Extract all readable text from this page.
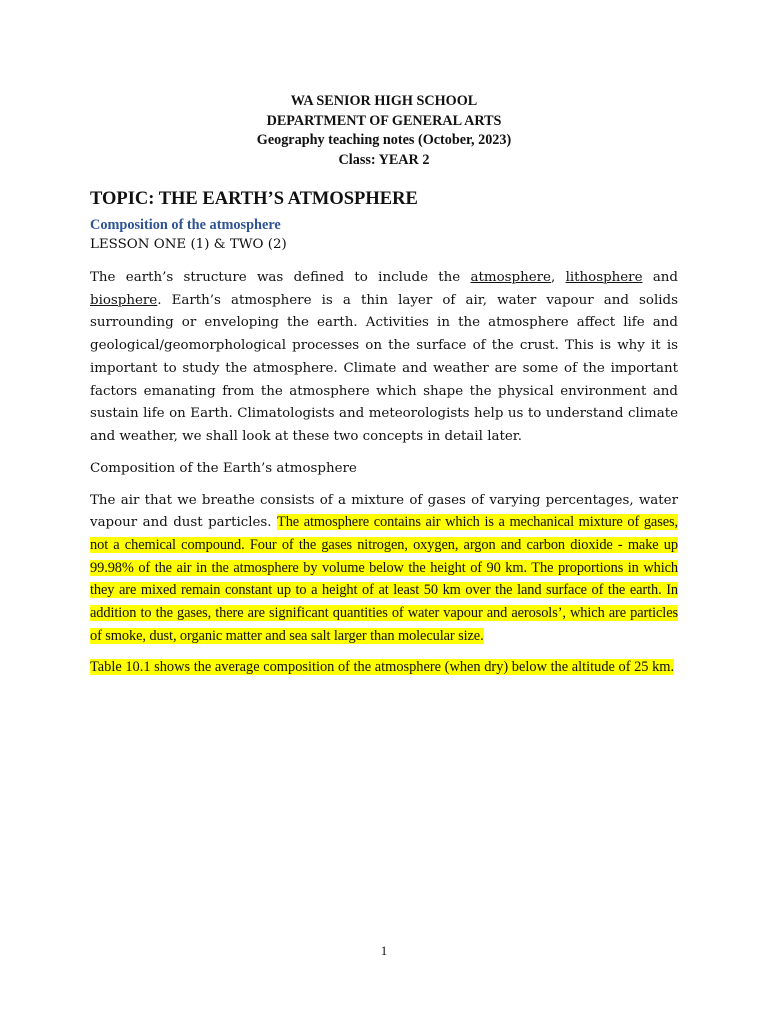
WA SENIOR HIGH SCHOOL
DEPARTMENT OF GENERAL ARTS
Geography teaching notes (October, 2023)
Class: YEAR 2
TOPIC: THE EARTH’S ATMOSPHERE
Composition of the atmosphere
LESSON ONE (1) & TWO (2)

The earth’s structure was defined to include the atmosphere, lithosphere and biosphere. Earth’s atmosphere is a thin layer of air, water vapour and solids surrounding or enveloping the earth. Activities in the atmosphere affect life and geological/geomorphological processes on the surface of the crust. This is why it is important to study the atmosphere. Climate and weather are some of the important factors emanating from the atmosphere which shape the physical environment and sustain life on Earth. Climatologists and meteorologists help us to understand climate and weather, we shall look at these two concepts in detail later.

Composition of the Earth’s atmosphere

The air that we breathe consists of a mixture of gases of varying percentages, water vapour and dust particles. The atmosphere contains air which is a mechanical mixture of gases, not a chemical compound. Four of the gases nitrogen, oxygen, argon and carbon dioxide - make up 99.98% of the air in the atmosphere by volume below the height of 90 km. The proportions in which they are mixed remain constant up to a height of at least 50 km over the land surface of the earth. In addition to the gases, there are significant quantities of water vapour and aerosols’, which are particles of smoke, dust, organic matter and sea salt larger than molecular size.

Table 10.1 shows the average composition of the atmosphere (when dry) below the altitude of 25 km.
1
